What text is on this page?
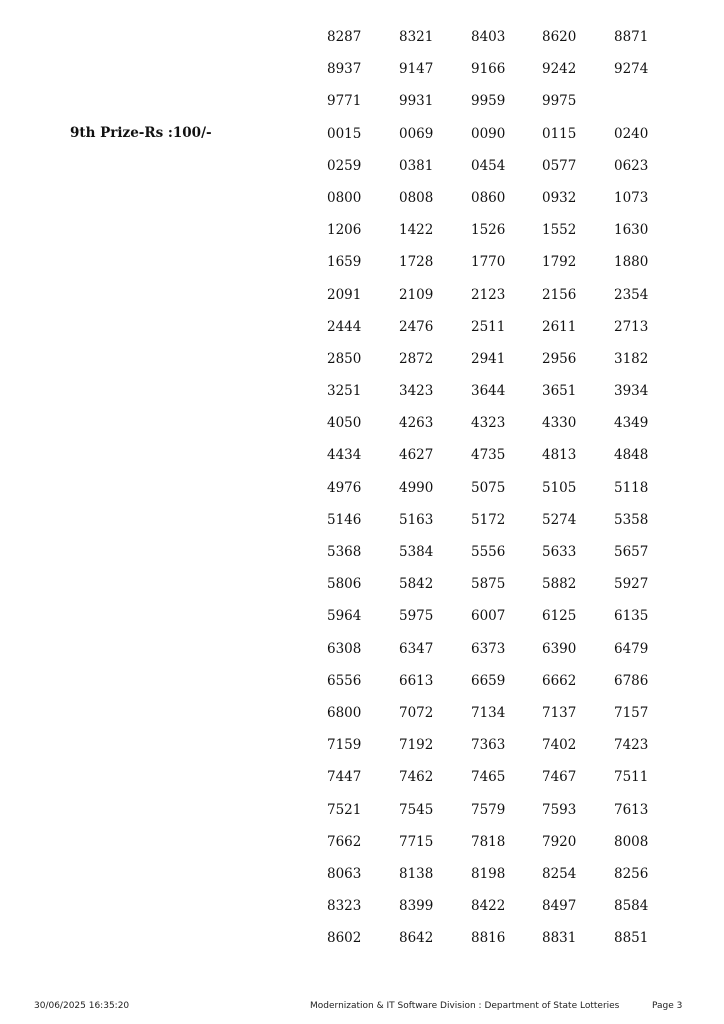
9th Prize-Rs :100/-
8287	8321	8403	8620	8871
8937	9147	9166	9242	9274
9771	9931	9959	9975
0015	0069	0090	0115	0240
0259	0381	0454	0577	0623
0800	0808	0860	0932	1073
1206	1422	1526	1552	1630
1659	1728	1770	1792	1880
2091	2109	2123	2156	2354
2444	2476	2511	2611	2713
2850	2872	2941	2956	3182
3251	3423	3644	3651	3934
4050	4263	4323	4330	4349
4434	4627	4735	4813	4848
4976	4990	5075	5105	5118
5146	5163	5172	5274	5358
5368	5384	5556	5633	5657
5806	5842	5875	5882	5927
5964	5975	6007	6125	6135
6308	6347	6373	6390	6479
6556	6613	6659	6662	6786
6800	7072	7134	7137	7157
7159	7192	7363	7402	7423
7447	7462	7465	7467	7511
7521	7545	7579	7593	7613
7662	7715	7818	7920	8008
8063	8138	8198	8254	8256
8323	8399	8422	8497	8584
8602	8642	8816	8831	8851
30/06/2025 16:35:20	Modernization & IT Software Division : Department of State Lotteries	Page 3
